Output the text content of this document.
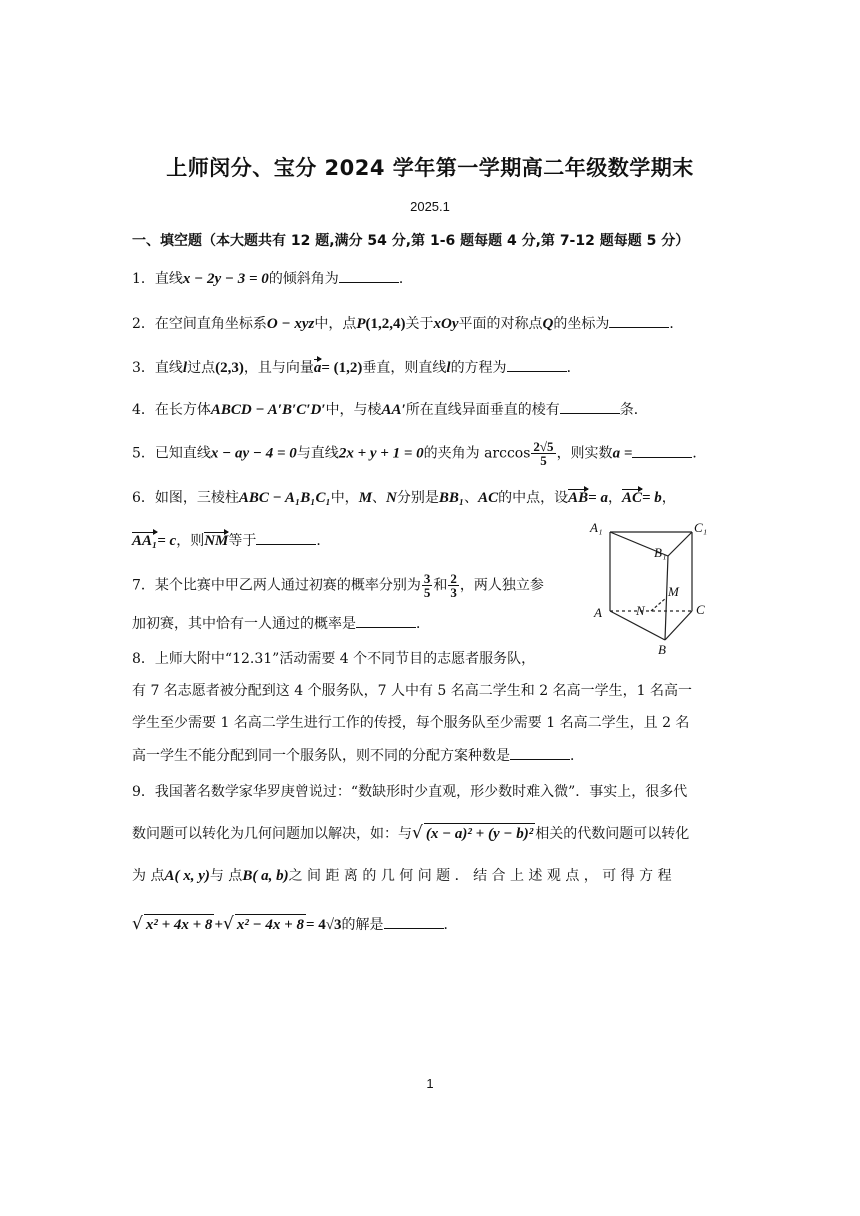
上师闵分、宝分 2024 学年第一学期高二年级数学期末
2025.1
一、填空题（本大题共有 12 题,满分 54 分,第 1-6 题每题 4 分,第 7-12 题每题 5 分）
1．直线x − 2y − 3 = 0的倾斜角为	．
2．在空间直角坐标系O − xyz中，点P(1,2,4)关于xOy平面的对称点Q的坐标为	．
3．直线l过点(2,3)，且与向量a= (1,2)垂直，则直线l的方程为	．
4．在长方体ABCD − A′B′C′D′中，与棱AA′所在直线异面垂直的棱有	条．
5．已知直线x − ay − 4 = 0与直线2x + y + 1 = 0的夹角为 $\arccos \frac{2√5}{5}$ ，则实数a =	．
6．如图，三棱柱ABC − A₁B₁C₁中，M、N分别是BB₁、AC的中点，设AB= a，AC= b，
AA₁= c，则NM等于	．
7．某个比赛中甲乙两人通过初赛的概率分别为 $\frac{3}{5}$ 和 $\frac{2}{3}$ ，两人独立参
加初赛，其中恰有一人通过的概率是	．
8．上师大附中“12.31”活动需要 4 个不同节目的志愿者服务队，
有 7 名志愿者被分配到这 4 个服务队，7 人中有 5 名高二学生和 2 名高一学生，1 名高一
学生至少需要 1 名高二学生进行工作的传授，每个服务队至少需要 1 名高二学生，且 2 名
高一学生不能分配到同一个服务队，则不同的分配方案种数是	．
9．我国著名数学家华罗庚曾说过：“数缺形时少直观，形少数时难入微”．事实上，很多代
数问题可以转化为几何问题加以解决，如：与√ (x − a)² + (y − b)² 相关的代数问题可以转化
为 点A( x, y)与 点B( a, b)之 间 距 离 的 几 何 问 题 ． 结 合 上 述 观 点 ， 可 得 方 程
√ x² + 4x + 8 +√ x² − 4x + 8 = 4√3的解是	．
A₁	C₁
B₁
M
N
A	C
B
1
